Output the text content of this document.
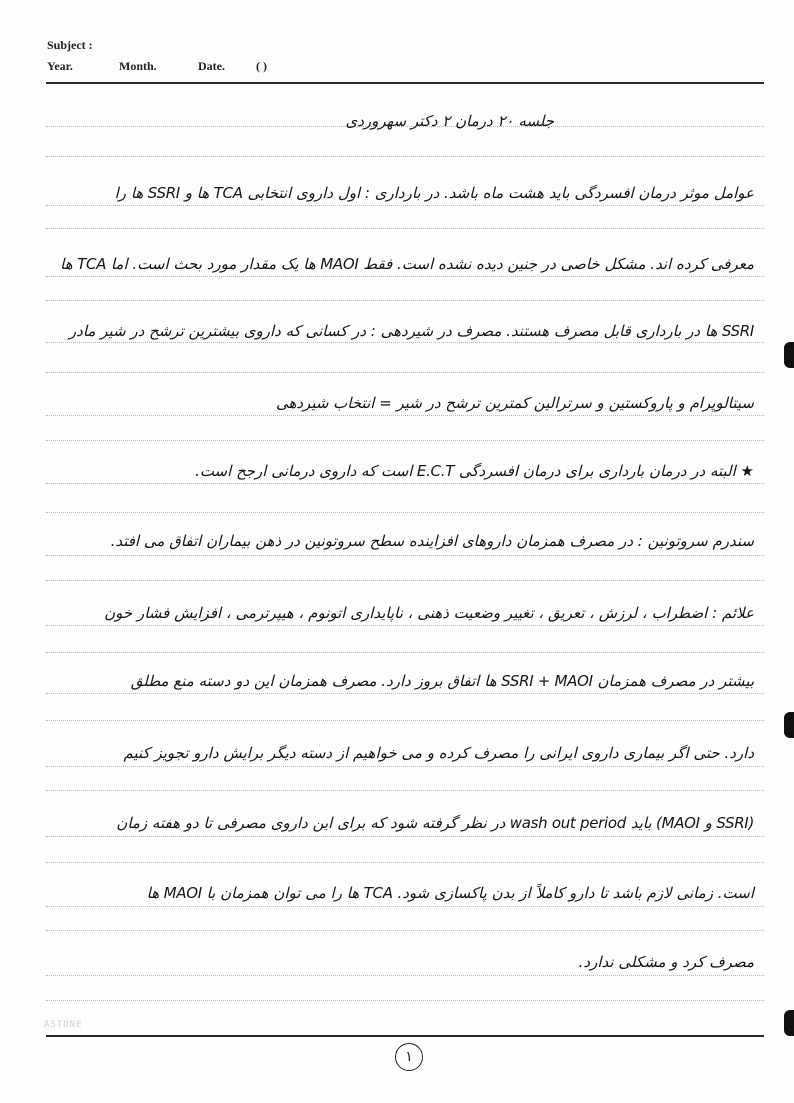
Subject :
Year.	Month.	Date.	( )
جلسه ۲۰ درمان ۲ دکتر سهروردی
عوامل موثر درمان افسردگی باید هشت ماه باشد. در بارداری : اول داروی انتخابی TCA ها و SSRI ها را
معرفی کرده اند. مشکل خاصی در جنین دیده نشده است. فقط MAOI ها یک مقدار مورد بحث است. اما TCA ها
SSRI ها در بارداری قابل مصرف هستند. مصرف در شیردهی : در کسانی که داروی بیشترین ترشح در شیر مادر
سیتالوپرام و پاروکستین و سرترالین کمترین ترشح در شیر = انتخاب شیردهی
★ البته در درمان بارداری برای درمان افسردگی E.C.T است که داروی درمانی ارجح است.
سندرم سروتونین : در مصرف همزمان داروهای افزاینده سطح سروتونین در ذهن بیماران اتفاق می افتد.
علائم : اضطراب ، لرزش ، تعریق ، تغییر وضعیت ذهنی ، ناپایداری اتونوم ، هیپرترمی ، افزایش فشار خون
بیشتر در مصرف همزمان SSRI + MAOI ها اتفاق بروز دارد. مصرف همزمان این دو دسته منع مطلق
دارد. حتی اگر بیماری داروی ایرانی را مصرف کرده و می خواهیم از دسته دیگر برایش دارو تجویز کنیم
(SSRI و MAOI) باید wash out period در نظر گرفته شود که برای این داروی مصرفی تا دو هفته زمان
است. زمانی لازم باشد تا دارو کاملاً از بدن پاکسازی شود. TCA ها را می توان همزمان با MAOI ها
مصرف کرد و مشکلی ندارد.
ASTONE
۱
